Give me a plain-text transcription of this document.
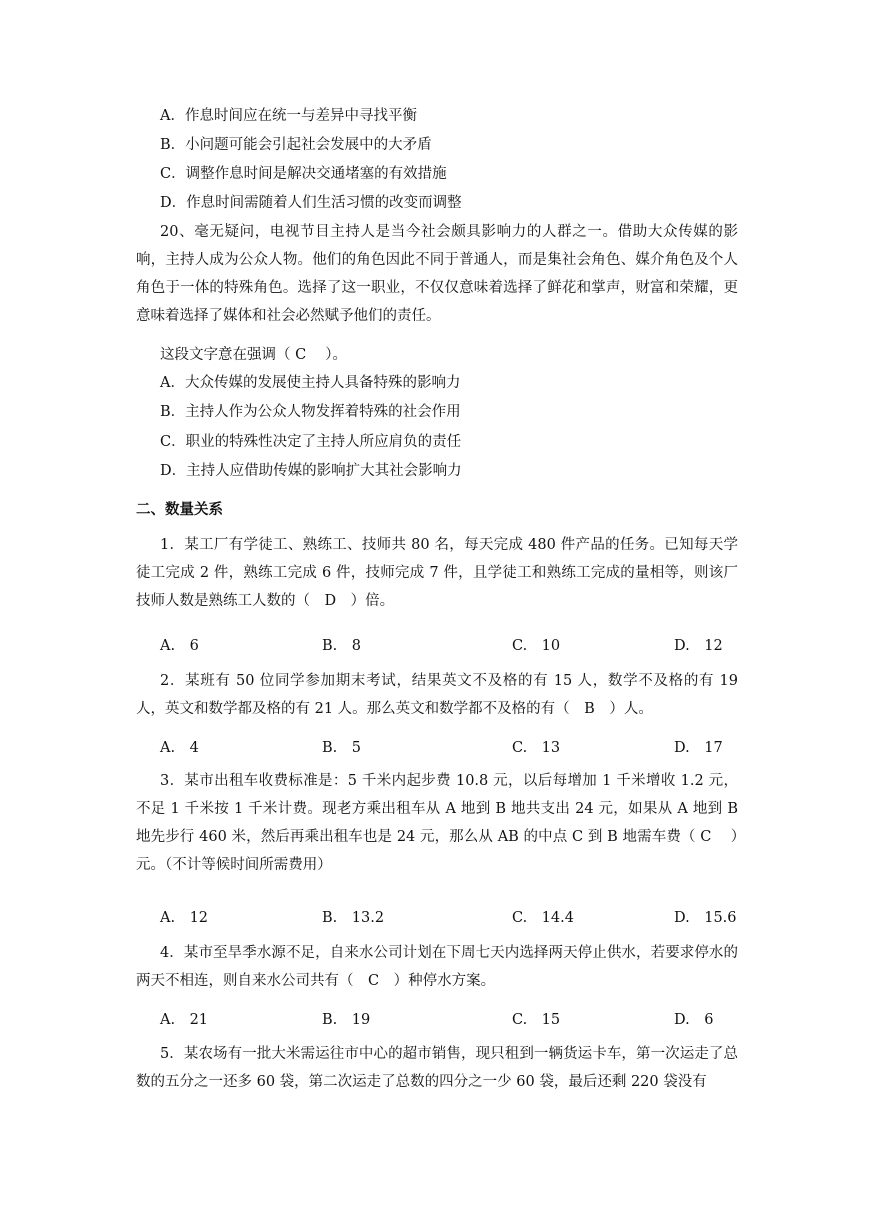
A．作息时间应在统一与差异中寻找平衡
B．小问题可能会引起社会发展中的大矛盾
C．调整作息时间是解决交通堵塞的有效措施
D．作息时间需随着人们生活习惯的改变而调整
20、毫无疑问，电视节目主持人是当今社会颇具影响力的人群之一。借助大众传媒的影响，主持人成为公众人物。他们的角色因此不同于普通人，而是集社会角色、媒介角色及个人角色于一体的特殊角色。选择了这一职业，不仅仅意味着选择了鲜花和掌声，财富和荣耀，更意味着选择了媒体和社会必然赋予他们的责任。
这段文字意在强调（ C　 ）。
A．大众传媒的发展使主持人具备特殊的影响力
B．主持人作为公众人物发挥着特殊的社会作用
C．职业的特殊性决定了主持人所应肩负的责任
D．主持人应借助传媒的影响扩大其社会影响力
二、数量关系
1．某工厂有学徒工、熟练工、技师共 80 名，每天完成 480 件产品的任务。已知每天学徒工完成 2 件，熟练工完成 6 件，技师完成 7 件，且学徒工和熟练工完成的量相等，则该厂技师人数是熟练工人数的（　D　）倍。
A.　6	B.　8	C.　10	D.　12
2．某班有 50 位同学参加期末考试，结果英文不及格的有 15 人，数学不及格的有 19 人，英文和数学都及格的有 21 人。那么英文和数学都不及格的有（　B　）人。
A.　4	B.　5	C.　13	D.　17
3．某市出租车收费标准是：5 千米内起步费 10.8 元，以后每增加 1 千米增收 1.2 元，不足 1 千米按 1 千米计费。现老方乘出租车从 A 地到 B 地共支出 24 元，如果从 A 地到 B 地先步行 460 米，然后再乘出租车也是 24 元，那么从 AB 的中点 C 到 B 地需车费（ C　 ）元。（不计等候时间所需费用）
A.　12	B.　13.2	C.　14.4	D.　15.6
4．某市至旱季水源不足，自来水公司计划在下周七天内选择两天停止供水，若要求停水的两天不相连，则自来水公司共有（　C　）种停水方案。
A.　21	B.　19	C.　15	D.　6
5．某农场有一批大米需运往市中心的超市销售，现只租到一辆货运卡车，第一次运走了总数的五分之一还多 60 袋，第二次运走了总数的四分之一少 60 袋，最后还剩 220 袋没有
